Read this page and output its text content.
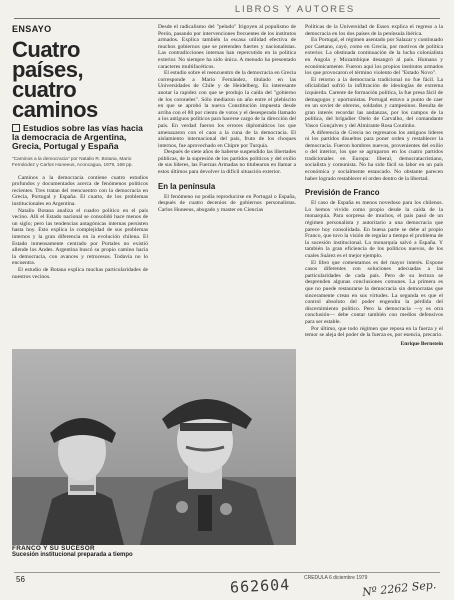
LIBROS Y AUTORES
ENSAYO
Cuatro países,
cuatro caminos
Estudios sobre las vías hacia la democracia de Argentina, Grecia, Portugal y España
"Caminos a la democracia" por Natalio R. Botana, Mario Fernández y Carlos Huneeus, Aconcagua, 1979, 168 pp.

Caminos a la democracia contiene cuatro estudios profundos y documentados acerca de fenómenos políticos recientes. Tres tratan del reencuentro con la democracia en Grecia, Portugal y España. El cuarto, de los problemas institucionales en Argentina.

Natalio Botana analiza el cuadro político en el país vecino. Allí el Estado nacional se consolidó hace menos de un siglo; pero las tendencias antagónicas internas persisten hasta hoy. Esto explica la complejidad de sus problemas internos y la gran diferencia en la evolución chilena. El Estado inmensamente centrado por Portales no existió allende los Andes. Argentina buscó su propio camino hacia la democracia, con avances y retrocesos. Todavía no lo encuentra.

El estudio de Botana explica muchas particularidades de nuestros vecinos.

Desde el radicalismo del "peludo" Irigoyen al populismo de Perón, pasando por intervenciones frecuentes de los institutos armados. Explica también la escasa utilidad efectiva de muchos gobiernos que se pretenden fuertes y nacionalistas. Las contradicciones internas han repercutido en la política exterior. No siempre ha sido única. A menudo ha presentado caracteres multifacéticos.

El estudio sobre el reencuentro de la democracia en Grecia corresponde a Mario Fernández, titulado en las Universidades de Chile y de Heidelberg. Es interesante anotar la rapidez con que se produjo la caída del "gobierno de los coroneles". Sólo mediaron un año entre el plebiscito en que se aprobó la nueva Constitución impuesta desde arriba con el 80 por ciento de votos y el desesperado llamado a los antiguos políticos para hacerse cargo de la dirección del país. En verdad fueron los errores diplomáticos los que amenazaron con el caos a la cuna de la democracia. El aislamiento internacional del país, fruto de los choques internos, fue aprovechado en Chipre por Turquía.

Después de siete años de haberse suspendido las libertades públicas, de la supresión de los partidos políticos y del exilio de sus líderes, las Fuerzas Armadas no titubearon en llamar a estos últimos para devolver la difícil situación exterior.

En la península

El fenómeno no podía reproducirse en Portugal o España, después de cuatro decenios de gobiernos personalistas. Carlos Huneeus, abogado y master en Ciencias

Políticas de la Universidad de Essex explica el regreso a la democracia en los dos países de la península ibérica.

En Portugal, el régimen asentado por Salazar y continuado por Caetano, cayó, como en Grecia, por motivos de política exterior. La obstinada continuación de la lucha colonialista en Angola y Mozambique desangró al país. Humana y económicamente. Fueron aquí los propios institutos armados los que provocaron el término violento del "Estado Novo".

El retorno a la democracia tradicional no fue fácil. La oficialidad sufrió la infiltración de ideologías de extrema izquierda. Carente de formación política, la fue presa fácil de demagogos y oportunistas. Portugal estuvo a punto de caer en un soviet de obreros, soldados y campesinos. Resulta de gran interés recordar las andanzas, por los campos de la política, del brigadier Otelo de Carvalho, del comandante Vasco Gonçalves y del Almirante Rosa Coutinho.

A diferencia de Grecia no regresaron los antiguos líderes ni los partidos disueltos para poner orden y restablecer la democracia. Fueron hombres nuevos, provenientes del exilio o del interior, los que se agruparon en los cuatro partidos tradicionales en Europa: liberal, democratacristiano, socialista y comunista. No ha sido fácil su labor en un país económica y socialmente estancado. No obstante parecen haber logrado restablecer el orden dentro de la libertad.

Previsión de Franco

El caso de España es menos novedoso para los chilenos. Lo hemos vivido como propio desde la caída de la monarquía. Para sorpresa de muchos, el país pasó de un régimen personalista y autoritario a una democracia que parece hoy consolidada. En buena parte se debe al propio Franco, que tuvo la visión de regular a tiempo el problema de la sucesión institucional. La monarquía salvó a España. Y también la gran eficiencia de los políticos nuevos, de los cuales Suárez es el mejor ejemplo.

El libro que comentamos es del mayor interés. Expone casos diferentes con soluciones adecuadas a las particularidades de cada país. Pero de su lectura se desprenden algunas conclusiones comunes. La primera es que no puede restaurarse la democracia sin democratas que sinceramente crean en sus virtudes. La segunda es que el control absoluto del poder engendra la pérdida del discernimiento político. Pero la democracia —y es otra conclusión— debe contar también con medios defensivos para ser estable.

Por último, que todo régimen que reposa en la fuerza y el temor se aleja del poder de la fuerza es, por esencia, precario.

Enrique Bernstein
FRANCO Y SU SUCESOR
Sucesión institucional preparada a tiempo
56	CREDULA 6 diciembre 1979
662604	Nº 2262 Sep.
